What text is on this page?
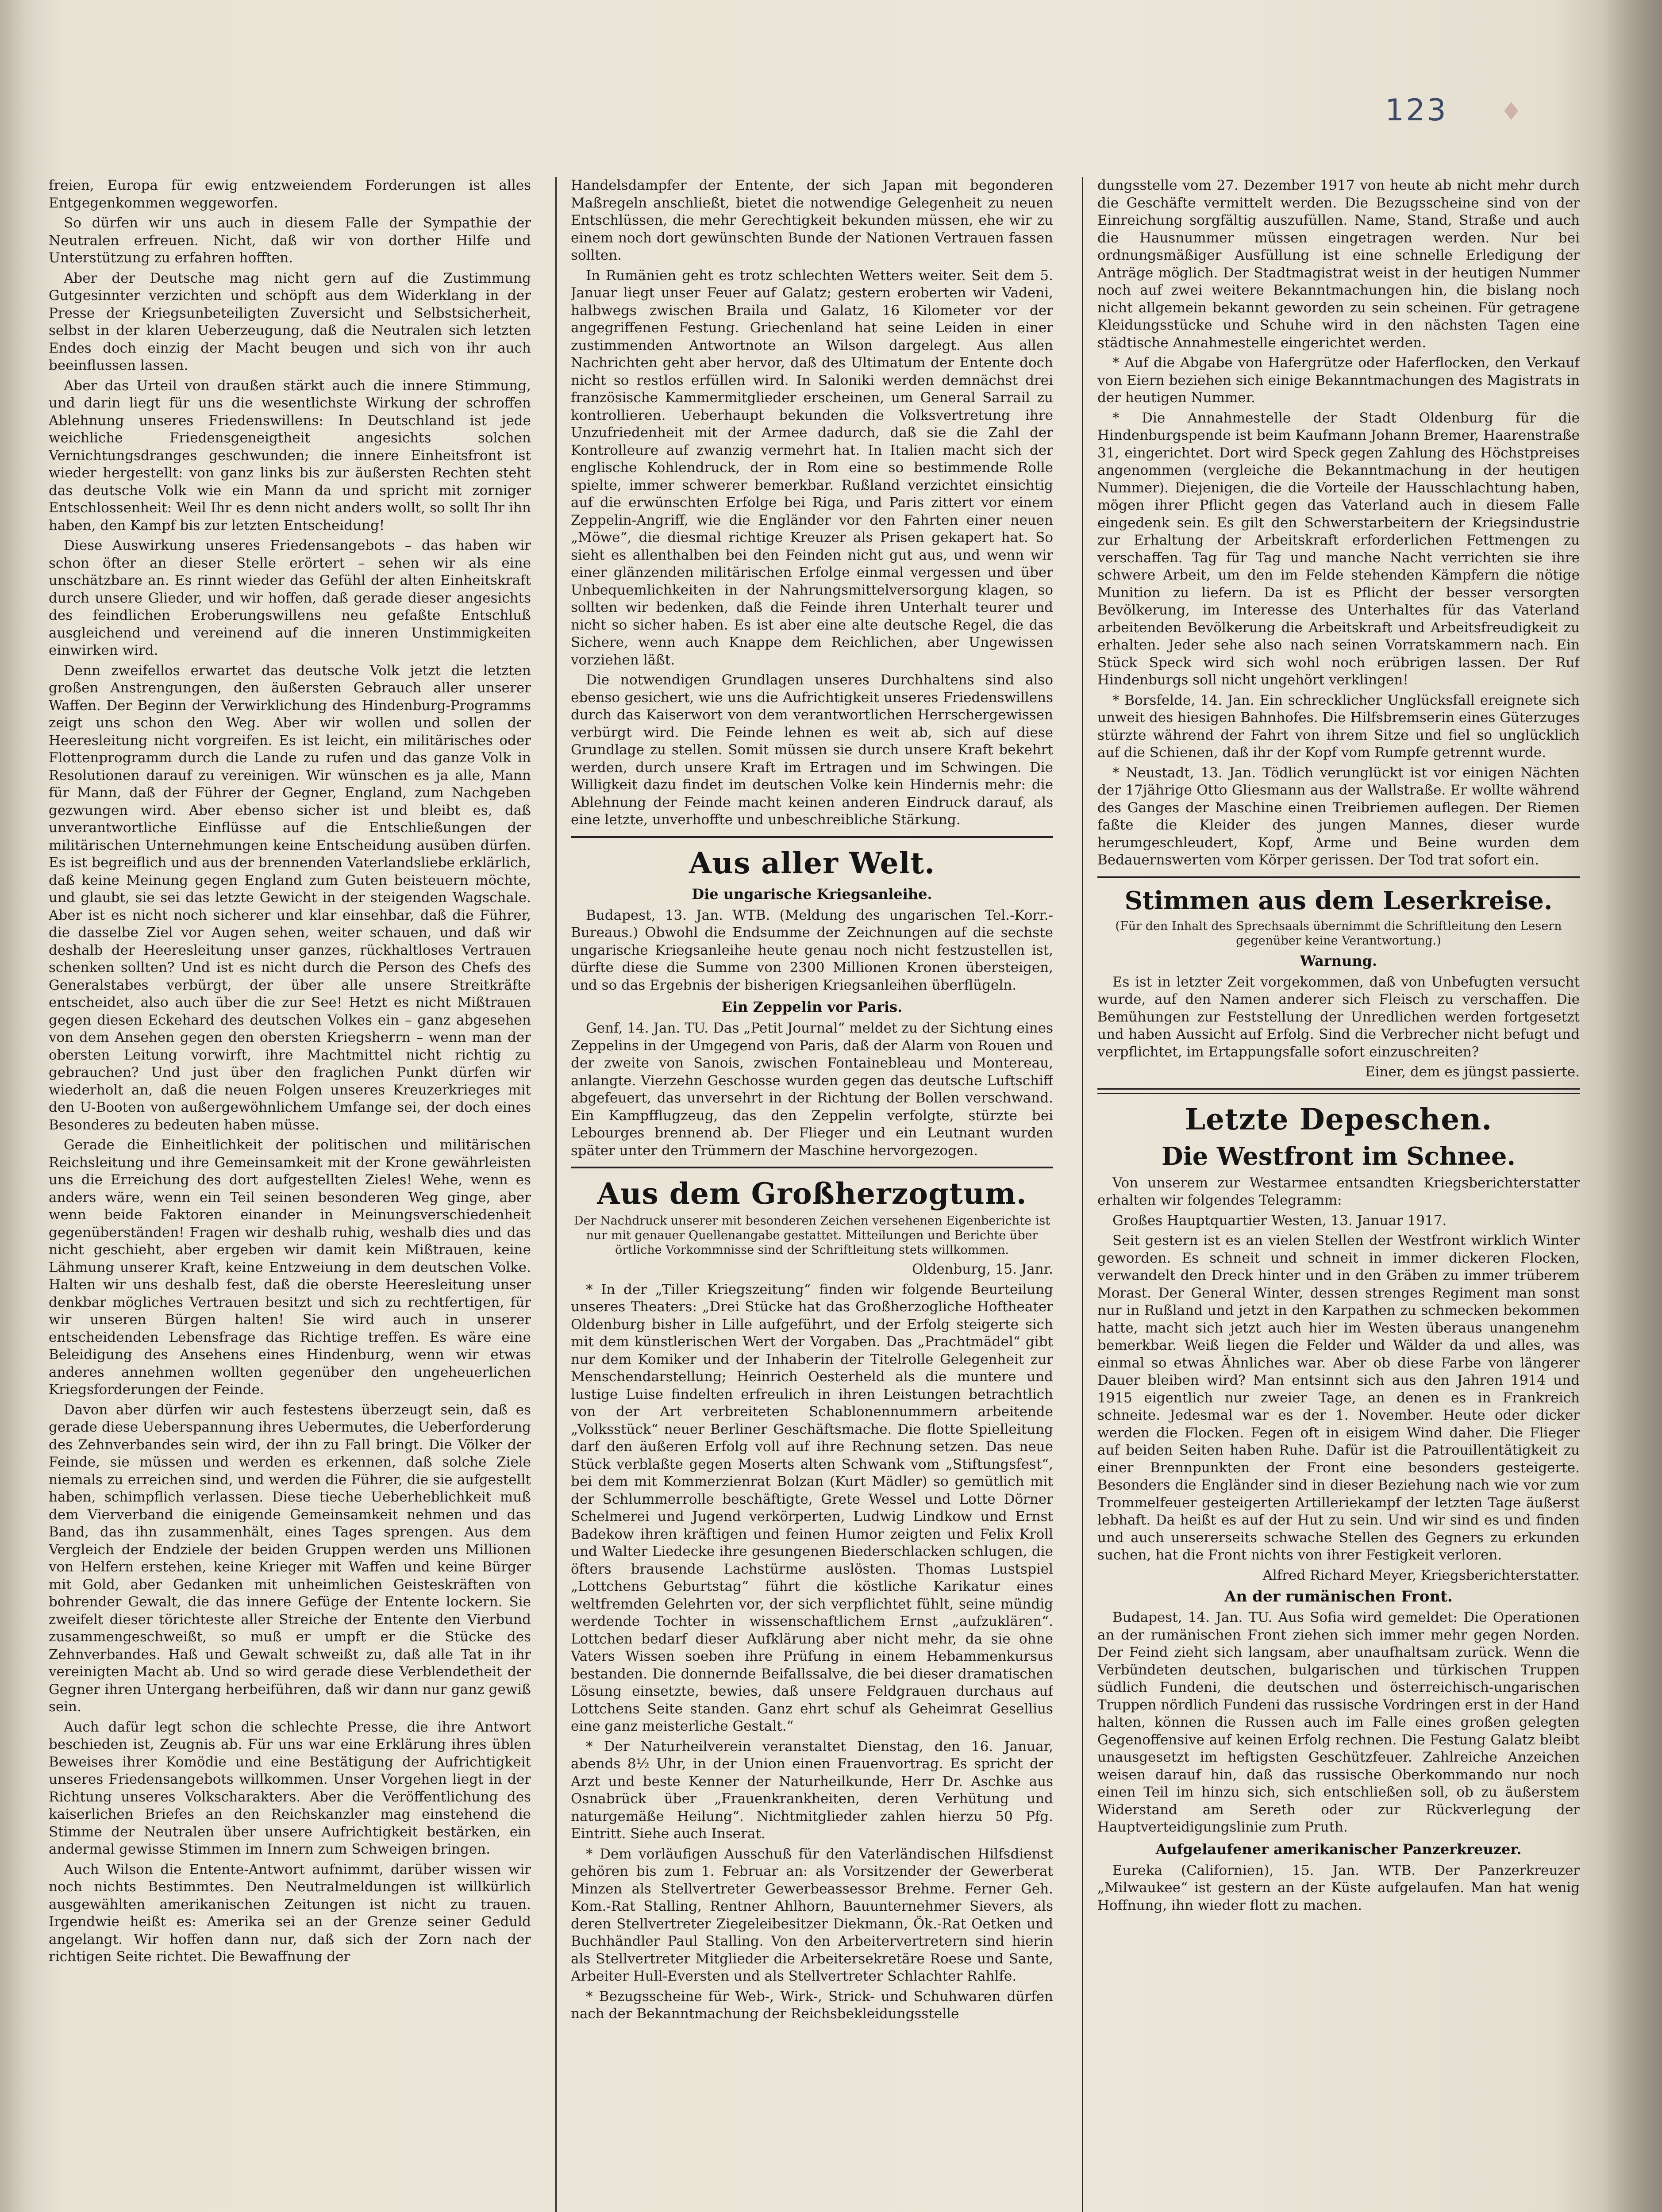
123 ♦

freien, Europa für ewig entzweiendem Forderungen ist alles Entgegenkommen weggeworfen.

So dürfen wir uns auch in diesem Falle der Sympathie der Neutralen erfreuen. Nicht, daß wir von dorther Hilfe und Unterstützung zu erfahren hofften.

Aber der Deutsche mag nicht gern auf die Zustimmung Gutgesinnter verzichten und schöpft aus dem Widerklang in der Presse der Kriegsunbeteiligten Zuversicht und Selbstsicherheit, selbst in der klaren Ueberzeugung, daß die Neutralen sich letzten Endes doch einzig der Macht beugen und sich von ihr auch beeinflussen lassen.

Aber das Urteil von draußen stärkt auch die innere Stimmung, und darin liegt für uns die wesentlichste Wirkung der schroffen Ablehnung unseres Friedenswillens: In Deutschland ist jede weichliche Friedensgeneigtheit angesichts solchen Vernichtungsdranges geschwunden; die innere Einheitsfront ist wieder hergestellt: von ganz links bis zur äußersten Rechten steht das deutsche Volk wie ein Mann da und spricht mit zorniger Entschlossenheit: Weil Ihr es denn nicht anders wollt, so sollt Ihr ihn haben, den Kampf bis zur letzten Entscheidung!

Diese Auswirkung unseres Friedensangebots – das haben wir schon öfter an dieser Stelle erörtert – sehen wir als eine unschätzbare an. Es rinnt wieder das Gefühl der alten Einheitskraft durch unsere Glieder, und wir hoffen, daß gerade dieser angesichts des feindlichen Eroberungswillens neu gefaßte Entschluß ausgleichend und vereinend auf die inneren Unstimmigkeiten einwirken wird.

Denn zweifellos erwartet das deutsche Volk jetzt die letzten großen Anstrengungen, den äußersten Gebrauch aller unserer Waffen. Der Beginn der Verwirklichung des Hindenburg-Programms zeigt uns schon den Weg. Aber wir wollen und sollen der Heeresleitung nicht vorgreifen. Es ist leicht, ein militärisches oder Flottenprogramm durch die Lande zu rufen und das ganze Volk in Resolutionen darauf zu vereinigen. Wir wünschen es ja alle, Mann für Mann, daß der Führer der Gegner, England, zum Nachgeben gezwungen wird. Aber ebenso sicher ist und bleibt es, daß unverantwortliche Einflüsse auf die Entschließungen der militärischen Unternehmungen keine Entscheidung ausüben dürfen. Es ist begreiflich und aus der brennenden Vaterlandsliebe erklärlich, daß keine Meinung gegen England zum Guten beisteuern möchte, und glaubt, sie sei das letzte Gewicht in der steigenden Wagschale. Aber ist es nicht noch sicherer und klar einsehbar, daß die Führer, die dasselbe Ziel vor Augen sehen, weiter schauen, und daß wir deshalb der Heeresleitung unser ganzes, rückhaltloses Vertrauen schenken sollten? Und ist es nicht durch die Person des Chefs des Generalstabes verbürgt, der über alle unsere Streitkräfte entscheidet, also auch über die zur See! Hetzt es nicht Mißtrauen gegen diesen Eckehard des deutschen Volkes ein – ganz abgesehen von dem Ansehen gegen den obersten Kriegsherrn – wenn man der obersten Leitung vorwirft, ihre Machtmittel nicht richtig zu gebrauchen? Und just über den fraglichen Punkt dürfen wir wiederholt an, daß die neuen Folgen unseres Kreuzerkrieges mit den U-Booten von außergewöhnlichem Umfange sei, der doch eines Besonderes zu bedeuten haben müsse.

Gerade die Einheitlichkeit der politischen und militärischen Reichsleitung und ihre Gemeinsamkeit mit der Krone gewährleisten uns die Erreichung des dort aufgestellten Zieles! Wehe, wenn es anders wäre, wenn ein Teil seinen besonderen Weg ginge, aber wenn beide Faktoren einander in Meinungsverschiedenheit gegenüberständen! Fragen wir deshalb ruhig, weshalb dies und das nicht geschieht, aber ergeben wir damit kein Mißtrauen, keine Lähmung unserer Kraft, keine Entzweiung in dem deutschen Volke. Halten wir uns deshalb fest, daß die oberste Heeresleitung unser denkbar mögliches Vertrauen besitzt und sich zu rechtfertigen, für wir unseren Bürgen halten! Sie wird auch in unserer entscheidenden Lebensfrage das Richtige treffen. Es wäre eine Beleidigung des Ansehens eines Hindenburg, wenn wir etwas anderes annehmen wollten gegenüber den ungeheuerlichen Kriegsforderungen der Feinde.

Davon aber dürfen wir auch festestens überzeugt sein, daß es gerade diese Ueberspannung ihres Uebermutes, die Ueberforderung des Zehnverbandes sein wird, der ihn zu Fall bringt. Die Völker der Feinde, sie müssen und werden es erkennen, daß solche Ziele niemals zu erreichen sind, und werden die Führer, die sie aufgestellt haben, schimpflich verlassen. Diese tieche Ueberheblichkeit muß dem Vierverband die einigende Gemeinsamkeit nehmen und das Band, das ihn zusammenhält, eines Tages sprengen. Aus dem Vergleich der Endziele der beiden Gruppen werden uns Millionen von Helfern erstehen, keine Krieger mit Waffen und keine Bürger mit Gold, aber Gedanken mit unheimlichen Geisteskräften von bohrender Gewalt, die das innere Gefüge der Entente lockern. Sie zweifelt dieser törichteste aller Streiche der Entente den Vierbund zusammengeschweißt, so muß er umpft er die Stücke des Zehnverbandes. Haß und Gewalt schweißt zu, daß alle Tat in ihr vereinigten Macht ab. Und so wird gerade diese Verblendetheit der Gegner ihren Untergang herbeiführen, daß wir dann nur ganz gewiß sein.

Auch dafür legt schon die schlechte Presse, die ihre Antwort beschieden ist, Zeugnis ab. Für uns war eine Erklärung ihres üblen Beweises ihrer Komödie und eine Bestätigung der Aufrichtigkeit unseres Friedensangebots willkommen. Unser Vorgehen liegt in der Richtung unseres Volkscharakters. Aber die Veröffentlichung des kaiserlichen Briefes an den Reichskanzler mag einstehend die Stimme der Neutralen über unsere Aufrichtigkeit bestärken, ein andermal gewisse Stimmen im Innern zum Schweigen bringen.

Auch Wilson die Entente-Antwort aufnimmt, darüber wissen wir noch nichts Bestimmtes. Den Neutralmeldungen ist willkürlich ausgewählten amerikanischen Zeitungen ist nicht zu trauen. Irgendwie heißt es: Amerika sei an der Grenze seiner Geduld angelangt. Wir hoffen dann nur, daß sich der Zorn nach der richtigen Seite richtet. Die Bewaffnung der

Handelsdampfer der Entente, der sich Japan mit begonderen Maßregeln anschließt, bietet die notwendige Gelegenheit zu neuen Entschlüssen, die mehr Gerechtigkeit bekunden müssen, ehe wir zu einem noch dort gewünschten Bunde der Nationen Vertrauen fassen sollten.

In Rumänien geht es trotz schlechten Wetters weiter. Seit dem 5. Januar liegt unser Feuer auf Galatz; gestern eroberten wir Vadeni, halbwegs zwischen Braila und Galatz, 16 Kilometer vor der angegriffenen Festung. Griechenland hat seine Leiden in einer zustimmenden Antwortnote an Wilson dargelegt. Aus allen Nachrichten geht aber hervor, daß des Ultimatum der Entente doch nicht so restlos erfüllen wird. In Saloniki werden demnächst drei französische Kammermitglieder erscheinen, um General Sarrail zu kontrollieren. Ueberhaupt bekunden die Volksvertretung ihre Unzufriedenheit mit der Armee dadurch, daß sie die Zahl der Kontrolleure auf zwanzig vermehrt hat. In Italien macht sich der englische Kohlendruck, der in Rom eine so bestimmende Rolle spielte, immer schwerer bemerkbar. Rußland verzichtet einsichtig auf die erwünschten Erfolge bei Riga, und Paris zittert vor einem Zeppelin-Angriff, wie die Engländer vor den Fahrten einer neuen „Möwe“, die diesmal richtige Kreuzer als Prisen gekapert hat. So sieht es allenthalben bei den Feinden nicht gut aus, und wenn wir einer glänzenden militärischen Erfolge einmal vergessen und über Unbequemlichkeiten in der Nahrungsmittelversorgung klagen, so sollten wir bedenken, daß die Feinde ihren Unterhalt teurer und nicht so sicher haben. Es ist aber eine alte deutsche Regel, die das Sichere, wenn auch Knappe dem Reichlichen, aber Ungewissen vorziehen läßt.

Die notwendigen Grundlagen unseres Durchhaltens sind also ebenso gesichert, wie uns die Aufrichtigkeit unseres Friedenswillens durch das Kaiserwort von dem verantwortlichen Herrschergewissen verbürgt wird. Die Feinde lehnen es weit ab, sich auf diese Grundlage zu stellen. Somit müssen sie durch unsere Kraft bekehrt werden, durch unsere Kraft im Ertragen und im Schwingen. Die Willigkeit dazu findet im deutschen Volke kein Hindernis mehr: die Ablehnung der Feinde macht keinen anderen Eindruck darauf, als eine letzte, unverhoffte und unbeschreibliche Stärkung.

Aus aller Welt.
Die ungarische Kriegsanleihe.

Budapest, 13. Jan. WTB. (Meldung des ungarischen Tel.-Korr.-Bureaus.) Obwohl die Endsumme der Zeichnungen auf die sechste ungarische Kriegsanleihe heute genau noch nicht festzustellen ist, dürfte diese die Summe von 2300 Millionen Kronen übersteigen, und so das Ergebnis der bisherigen Kriegsanleihen überflügeln.

Ein Zeppelin vor Paris.

Genf, 14. Jan. TU. Das „Petit Journal“ meldet zu der Sichtung eines Zeppelins in der Umgegend von Paris, daß der Alarm von Rouen und der zweite von Sanois, zwischen Fontainebleau und Montereau, anlangte. Vierzehn Geschosse wurden gegen das deutsche Luftschiff abgefeuert, das unversehrt in der Richtung der Bollen verschwand. Ein Kampfflugzeug, das den Zeppelin verfolgte, stürzte bei Lebourges brennend ab. Der Flieger und ein Leutnant wurden später unter den Trümmern der Maschine hervorgezogen.

Aus dem Großherzogtum.
Der Nachdruck unserer mit besonderen Zeichen versehenen Eigenberichte ist nur mit genauer Quellenangabe gestattet. Mitteilungen und Berichte über örtliche Vorkommnisse sind der Schriftleitung stets willkommen.

Oldenburg, 15. Janr.

* In der „Tiller Kriegszeitung“ finden wir folgende Beurteilung unseres Theaters: „Drei Stücke hat das Großherzogliche Hoftheater Oldenburg bisher in Lille aufgeführt, und der Erfolg steigerte sich mit dem künstlerischen Wert der Vorgaben. Das „Prachtmädel“ gibt nur dem Komiker und der Inhaberin der Titelrolle Gelegenheit zur Menschendarstellung; Heinrich Oesterheld als die muntere und lustige Luise findelten erfreulich in ihren Leistungen betrachtlich von der Art verbreiteten Schablonennummern arbeitende „Volksstück“ neuer Berliner Geschäftsmache. Die flotte Spielleitung darf den äußeren Erfolg voll auf ihre Rechnung setzen. Das neue Stück verblaßte gegen Moserts alten Schwank vom „Stiftungsfest“, bei dem mit Kommerzienrat Bolzan (Kurt Mädler) so gemütlich mit der Schlummerrolle beschäftigte, Grete Wessel und Lotte Dörner Schelmerei und Jugend verkörperten, Ludwig Lindkow und Ernst Badekow ihren kräftigen und feinen Humor zeigten und Felix Kroll und Walter Liedecke ihre gesungenen Biederschlacken schlugen, die öfters brausende Lachstürme auslösten. Thomas Lustspiel „Lottchens Geburtstag“ führt die köstliche Karikatur eines weltfremden Gelehrten vor, der sich verpflichtet fühlt, seine mündig werdende Tochter in wissenschaftlichem Ernst „aufzuklären“. Lottchen bedarf dieser Aufklärung aber nicht mehr, da sie ohne Vaters Wissen soeben ihre Prüfung in einem Hebammenkursus bestanden. Die donnernde Beifallssalve, die bei dieser dramatischen Lösung einsetzte, bewies, daß unsere Feldgrauen durchaus auf Lottchens Seite standen. Ganz ehrt schuf als Geheimrat Gesellius eine ganz meisterliche Gestalt.“

* Der Naturheilverein veranstaltet Dienstag, den 16. Januar, abends 8½ Uhr, in der Union einen Frauenvortrag. Es spricht der Arzt und beste Kenner der Naturheilkunde, Herr Dr. Aschke aus Osnabrück über „Frauenkrankheiten, deren Verhütung und naturgemäße Heilung“. Nichtmitglieder zahlen hierzu 50 Pfg. Eintritt. Siehe auch Inserat.

* Dem vorläufigen Ausschuß für den Vaterländischen Hilfsdienst gehören bis zum 1. Februar an: als Vorsitzender der Gewerberat Minzen als Stellvertreter Gewerbeassessor Brehme. Ferner Geh. Kom.-Rat Stalling, Rentner Ahlhorn, Bauunternehmer Sievers, als deren Stellvertreter Ziegeleibesitzer Diekmann, Ök.-Rat Oetken und Buchhändler Paul Stalling. Von den Arbeitervertretern sind hierin als Stellvertreter Mitglieder die Arbeitersekretäre Roese und Sante, Arbeiter Hull-Eversten und als Stellvertreter Schlachter Rahlfe.

* Bezugsscheine für Web-, Wirk-, Strick- und Schuhwaren dürfen nach der Bekanntmachung der Reichsbekleidungsstelle

dungsstelle vom 27. Dezember 1917 von heute ab nicht mehr durch die Geschäfte vermittelt werden. Die Bezugsscheine sind von der Einreichung sorgfältig auszufüllen. Name, Stand, Straße und auch die Hausnummer müssen eingetragen werden. Nur bei ordnungsmäßiger Ausfüllung ist eine schnelle Erledigung der Anträge möglich. Der Stadtmagistrat weist in der heutigen Nummer noch auf zwei weitere Bekanntmachungen hin, die bislang noch nicht allgemein bekannt geworden zu sein scheinen. Für getragene Kleidungsstücke und Schuhe wird in den nächsten Tagen eine städtische Annahmestelle eingerichtet werden.

* Auf die Abgabe von Hafergrütze oder Haferflocken, den Verkauf von Eiern beziehen sich einige Bekanntmachungen des Magistrats in der heutigen Nummer.

* Die Annahmestelle der Stadt Oldenburg für die Hindenburgspende ist beim Kaufmann Johann Bremer, Haarenstraße 31, eingerichtet. Dort wird Speck gegen Zahlung des Höchstpreises angenommen (vergleiche die Bekanntmachung in der heutigen Nummer). Diejenigen, die die Vorteile der Hausschlachtung haben, mögen ihrer Pflicht gegen das Vaterland auch in diesem Falle eingedenk sein. Es gilt den Schwerstarbeitern der Kriegsindustrie zur Erhaltung der Arbeitskraft erforderlichen Fettmengen zu verschaffen. Tag für Tag und manche Nacht verrichten sie ihre schwere Arbeit, um den im Felde stehenden Kämpfern die nötige Munition zu liefern. Da ist es Pflicht der besser versorgten Bevölkerung, im Interesse des Unterhaltes für das Vaterland arbeitenden Bevölkerung die Arbeitskraft und Arbeitsfreudigkeit zu erhalten. Jeder sehe also nach seinen Vorratskammern nach. Ein Stück Speck wird sich wohl noch erübrigen lassen. Der Ruf Hindenburgs soll nicht ungehört verklingen!

* Borsfelde, 14. Jan. Ein schrecklicher Unglücksfall ereignete sich unweit des hiesigen Bahnhofes. Die Hilfsbremserin eines Güterzuges stürzte während der Fahrt von ihrem Sitze und fiel so unglücklich auf die Schienen, daß ihr der Kopf vom Rumpfe getrennt wurde.

* Neustadt, 13. Jan. Tödlich verunglückt ist vor einigen Nächten der 17jährige Otto Gliesmann aus der Wallstraße. Er wollte während des Ganges der Maschine einen Treibriemen auflegen. Der Riemen faßte die Kleider des jungen Mannes, dieser wurde herumgeschleudert, Kopf, Arme und Beine wurden dem Bedauernswerten vom Körper gerissen. Der Tod trat sofort ein.

Stimmen aus dem Leserkreise.
(Für den Inhalt des Sprechsaals übernimmt die Schriftleitung den Lesern gegenüber keine Verantwortung.)
Warnung.

Es ist in letzter Zeit vorgekommen, daß von Unbefugten versucht wurde, auf den Namen anderer sich Fleisch zu verschaffen. Die Bemühungen zur Feststellung der Unredlichen werden fortgesetzt und haben Aussicht auf Erfolg. Sind die Verbrecher nicht befugt und verpflichtet, im Ertappungsfalle sofort einzuschreiten?

Einer, dem es jüngst passierte.

Letzte Depeschen.
Die Westfront im Schnee.

Von unserem zur Westarmee entsandten Kriegsberichterstatter erhalten wir folgendes Telegramm:

Großes Hauptquartier Westen, 13. Januar 1917.

Seit gestern ist es an vielen Stellen der Westfront wirklich Winter geworden. Es schneit und schneit in immer dickeren Flocken, verwandelt den Dreck hinter und in den Gräben zu immer trüberem Morast. Der General Winter, dessen strenges Regiment man sonst nur in Rußland und jetzt in den Karpathen zu schmecken bekommen hatte, macht sich jetzt auch hier im Westen überaus unangenehm bemerkbar. Weiß liegen die Felder und Wälder da und alles, was einmal so etwas Ähnliches war. Aber ob diese Farbe von längerer Dauer bleiben wird? Man entsinnt sich aus den Jahren 1914 und 1915 eigentlich nur zweier Tage, an denen es in Frankreich schneite. Jedesmal war es der 1. November. Heute oder dicker werden die Flocken. Fegen oft in eisigem Wind daher. Die Flieger auf beiden Seiten haben Ruhe. Dafür ist die Patrouillentätigkeit zu einer Brennpunkten der Front eine besonders gesteigerte. Besonders die Engländer sind in dieser Beziehung nach wie vor zum Trommelfeuer gesteigerten Artilleriekampf der letzten Tage äußerst lebhaft. Da heißt es auf der Hut zu sein. Und wir sind es und finden und auch unsererseits schwache Stellen des Gegners zu erkunden suchen, hat die Front nichts von ihrer Festigkeit verloren.

Alfred Richard Meyer, Kriegsberichterstatter.

An der rumänischen Front.

Budapest, 14. Jan. TU. Aus Sofia wird gemeldet: Die Operationen an der rumänischen Front ziehen sich immer mehr gegen Norden. Der Feind zieht sich langsam, aber unaufhaltsam zurück. Wenn die Verbündeten deutschen, bulgarischen und türkischen Truppen südlich Fundeni, die deutschen und österreichisch-ungarischen Truppen nördlich Fundeni das russische Vordringen erst in der Hand halten, können die Russen auch im Falle eines großen gelegten Gegenoffensive auf keinen Erfolg rechnen. Die Festung Galatz bleibt unausgesetzt im heftigsten Geschützfeuer. Zahlreiche Anzeichen weisen darauf hin, daß das russische Oberkommando nur noch einen Teil im hinzu sich, sich entschließen soll, ob zu äußerstem Widerstand am Sereth oder zur Rückverlegung der Hauptverteidigungslinie zum Pruth.

Aufgelaufener amerikanischer Panzerkreuzer.

Eureka (Californien), 15. Jan. WTB. Der Panzerkreuzer „Milwaukee“ ist gestern an der Küste aufgelaufen. Man hat wenig Hoffnung, ihn wieder flott zu machen.
